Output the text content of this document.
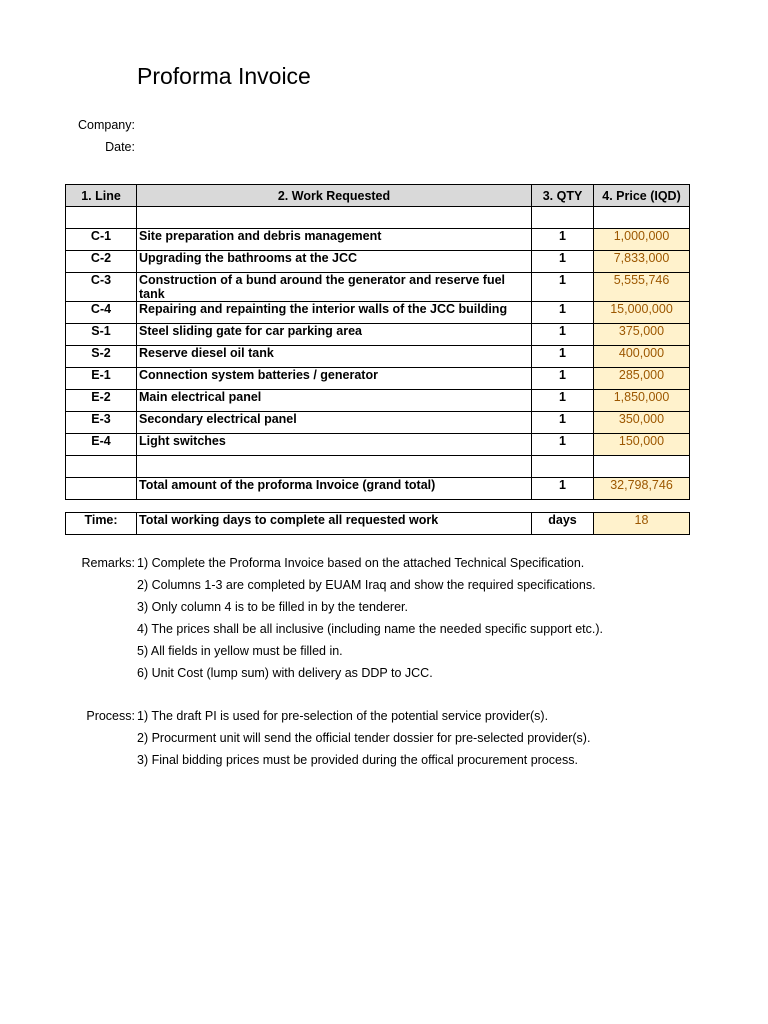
Proforma Invoice
Company:
Date:
1. Line	2. Work Requested	3. QTY	4. Price (IQD)

C-1	Site preparation and debris management	1	1,000,000
C-2	Upgrading the bathrooms at the JCC	1	7,833,000
C-3	Construction of a bund around the generator and reserve fuel tank	1	5,555,746
C-4	Repairing and repainting the interior walls of the JCC building	1	15,000,000
S-1	Steel sliding gate for car parking area	1	375,000
S-2	Reserve diesel oil tank	1	400,000
E-1	Connection system batteries / generator	1	285,000
E-2	Main electrical panel	1	1,850,000
E-3	Secondary electrical panel	1	350,000
E-4	Light switches	1	150,000

	Total amount of the proforma Invoice (grand total)	1	32,798,746
Time:	Total working days to complete all requested work	days	18
Remarks: 1) Complete the Proforma Invoice based on the attached Technical Specification.
2) Columns 1-3 are completed by EUAM Iraq and show the required specifications.
3) Only column 4 is to be filled in by the tenderer.
4) The prices shall be all inclusive (including name the needed specific support etc.).
5) All fields in yellow must be filled in.
6) Unit Cost (lump sum) with delivery as DDP to JCC.
Process: 1) The draft PI is used for pre-selection of the potential service provider(s).
2) Procurment unit will send the official tender dossier for pre-selected provider(s).
3) Final bidding prices must be provided during the offical procurement process.
